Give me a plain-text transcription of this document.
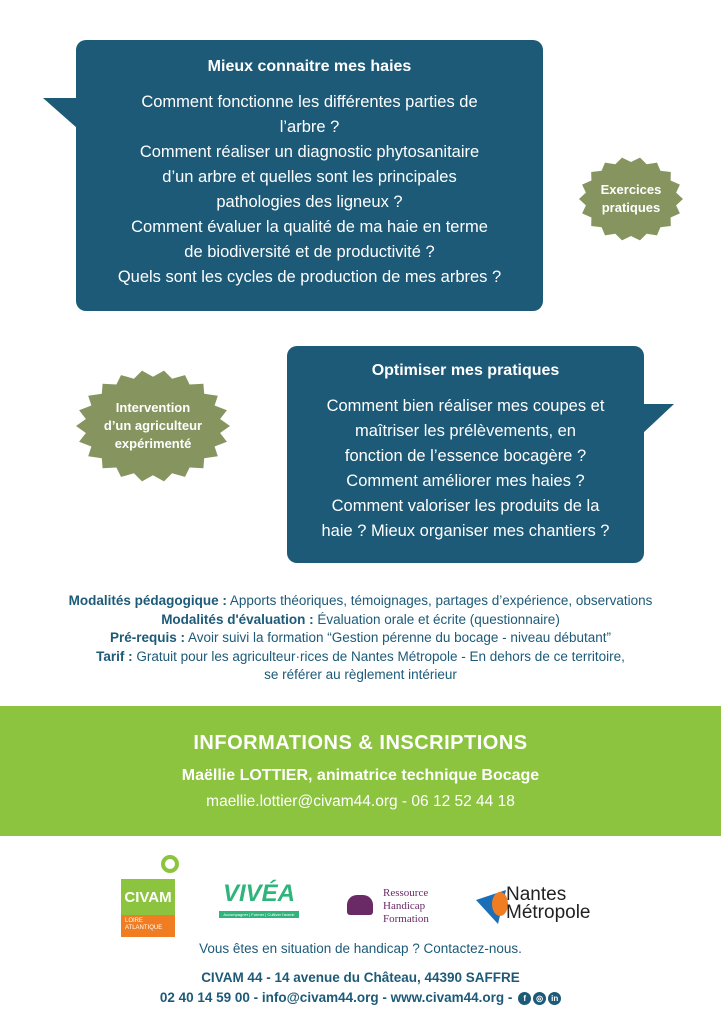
Mieux connaitre mes haies

Comment fonctionne les différentes parties de

l’arbre ?

Comment réaliser un diagnostic phytosanitaire

d’un arbre et quelles sont les principales

pathologies des ligneux ?

Comment évaluer la qualité de ma haie en terme

de biodiversité et de productivité ?

Quels sont les cycles de production de mes arbres ?

Exercices
pratiques
Optimiser mes pratiques

Comment bien réaliser mes coupes et

maîtriser les prélèvements, en

fonction de l’essence bocagère ?

Comment améliorer mes haies ?

Comment valoriser les produits de la

haie ? Mieux organiser mes chantiers ?

Intervention
d’un agriculteur
expérimenté
Modalités pédagogique : Apports théoriques, témoignages, partages d’expérience, observations
Modalités d'évaluation : Évaluation orale et écrite (questionnaire)
Pré-requis : Avoir suivi la formation “Gestion pérenne du bocage - niveau débutant”
Tarif : Gratuit pour les agriculteur·rices de Nantes Métropole - En dehors de ce territoire,
se référer au règlement intérieur
INFORMATIONS & INSCRIPTIONS
Maëllie LOTTIER, animatrice technique Bocage
maellie.lottier@civam44.org - 06 12 52 44 18
CIVAM
LOIRE
ATLANTIQUE
VIVÉA
Accompagner | Former | Cultiver l'avenir
Ressource
Handicap
Formation
Nantes
Métropole
Vous êtes en situation de handicap ? Contactez-nous.
CIVAM 44 - 14 avenue du Château, 44390 SAFFRE
02 40 14 59 00 - info@civam44.org - www.civam44.org - f ◎ in
